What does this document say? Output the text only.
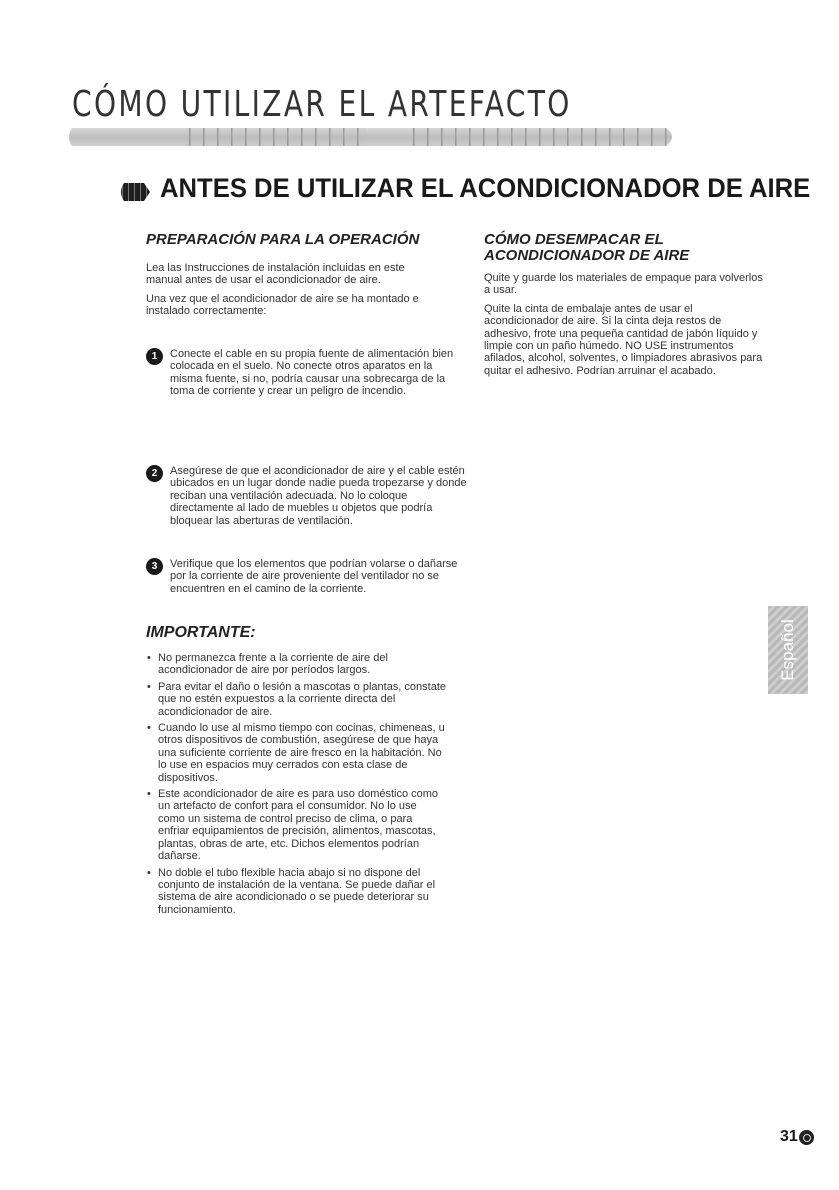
CÓMO UTILIZAR EL ARTEFACTO
ANTES DE UTILIZAR EL ACONDICIONADOR DE AIRE
PREPARACIÓN PARA LA OPERACIÓN

Lea las Instrucciones de instalación incluidas en este manual antes de usar el acondicionador de aire.

Una vez que el acondicionador de aire se ha montado e instalado correctamente:

1	Conecte el cable en su propia fuente de alimentación bien colocada en el suelo. No conecte otros aparatos en la misma fuente, si no, podría causar una sobrecarga de la toma de corriente y crear un peligro de incendio.
2	Asegúrese de que el acondicionador de aire y el cable estén ubicados en un lugar donde nadie pueda tropezarse y donde reciban una ventilación adecuada. No lo coloque directamente al lado de muebles u objetos que podría bloquear las aberturas de ventilación.
3	Verifique que los elementos que podrían volarse o dañarse por la corriente de aire proveniente del ventilador no se encuentren en el camino de la corriente.
CÓMO DESEMPACAR EL ACONDICIONADOR DE AIRE

Quite y guarde los materiales de empaque para volverlos a usar.

Quite la cinta de embalaje antes de usar el acondicionador de aire. Si la cinta deja restos de adhesivo, frote una pequeña cantidad de jabón líquido y limpie con un paño húmedo. NO USE instrumentos afilados, alcohol, solventes, o limpiadores abrasivos para quitar el adhesivo. Podrían arruinar el acabado.

IMPORTANTE:
• No permanezca frente a la corriente de aire del acondicionador de aire por períodos largos.
• Para evitar el daño o lesión a mascotas o plantas, constate que no estén expuestos a la corriente directa del acondicionador de aire.
• Cuando lo use al mismo tiempo con cocinas, chimeneas, u otros dispositivos de combustión, asegúrese de que haya una suficiente corriente de aire fresco en la habitación. No lo use en espacios muy cerrados con esta clase de dispositivos.
• Este acondicionador de aire es para uso doméstico como un artefacto de confort para el consumidor. No lo use como un sistema de control preciso de clima, o para enfriar equipamientos de precisión, alimentos, mascotas, plantas, obras de arte, etc. Dichos elementos podrían dañarse.
• No doble el tubo flexible hacia abajo si no dispone del conjunto de instalación de la ventana. Se puede dañar el sistema de aire acondicionado o se puede deteriorar su funcionamiento.
Español
31
